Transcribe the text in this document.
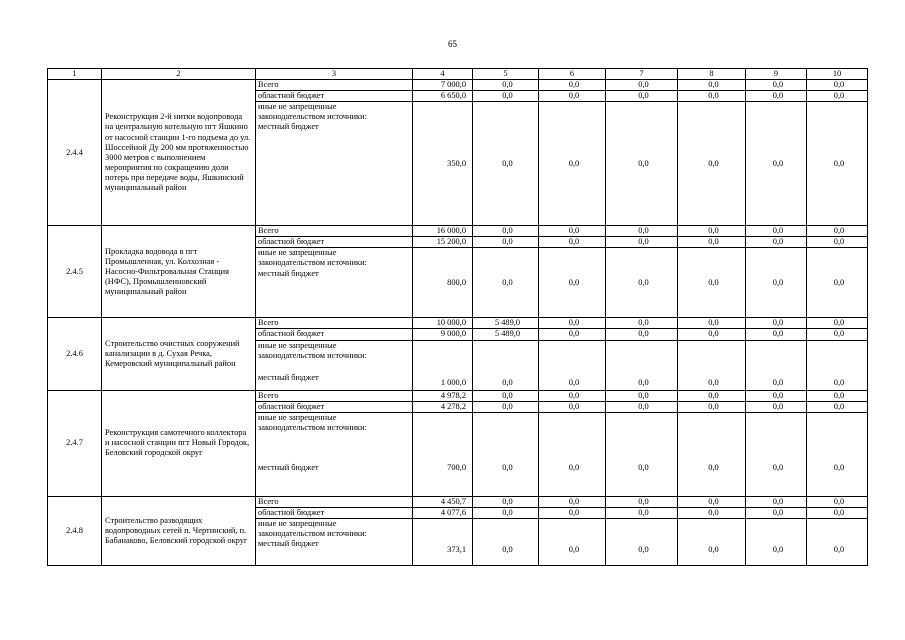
65
1	2	3	4	5	6	7	8	9	10
2.4.4	Реконструкция 2-й нитки водопровода на центральную котельную пгт Яшкино от насосной станции 1-го подъема до ул. Шоссейной Ду 200 мм протяженностью 3000 метров с выполнением мероприятия по сокращению доли потерь при передаче воды, Яшкинский муниципальный район	Всего	7 000,0	0,0	0,0	0,0	0,0	0,0	0,0
		областной бюджет	6 650,0	0,0	0,0	0,0	0,0	0,0	0,0

		иные не запрещенные
законодательством источники:
местный бюджет	350,0	0,0	0,0	0,0	0,0	0,0	0,0
2.4.5	Прокладка водовода в пгт Промышленная, ул. Колхозная - Насосно-Фильтровальная Станция (НФС), Промышленновский муниципальный район	Всего	16 000,0	0,0	0,0	0,0	0,0	0,0	0,0
		областной бюджет	15 200,0	0,0	0,0	0,0	0,0	0,0	0,0

		иные не запрещенные
законодательством источники:
местный бюджет	800,0	0,0	0,0	0,0	0,0	0,0	0,0
2.4.6	Строительство очистных сооружений канализации в д. Сухая Речка, Кемеровский муниципальный район	Всего	10 000,0	5 489,0	0,0	0,0	0,0	0,0	0,0
		областной бюджет	9 000,0	5 489,0	0,0	0,0	0,0	0,0	0,0

		иные не запрещенные
законодательством источники:
местный бюджет	1 000,0	0,0	0,0	0,0	0,0	0,0	0,0
2.4.7	Реконструкция самотечного коллектора и насосной станции пгт Новый Городок, Беловский городской округ	Всего	4 978,2	0,0	0,0	0,0	0,0	0,0	0,0
		областной бюджет	4 278,2	0,0	0,0	0,0	0,0	0,0	0,0

		иные не запрещенные
законодательством источники:
местный бюджет	700,0	0,0	0,0	0,0	0,0	0,0	0,0
2.4.8	Строительство разводящих водопроводных сетей п. Чертинский, п. Бабанаково, Беловский городской округ	Всего	4 450,7	0,0	0,0	0,0	0,0	0,0	0,0
		областной бюджет	4 077,6	0,0	0,0	0,0	0,0	0,0	0,0

		иные не запрещенные
законодательством источники:
местный бюджет	373,1	0,0	0,0	0,0	0,0	0,0	0,0
